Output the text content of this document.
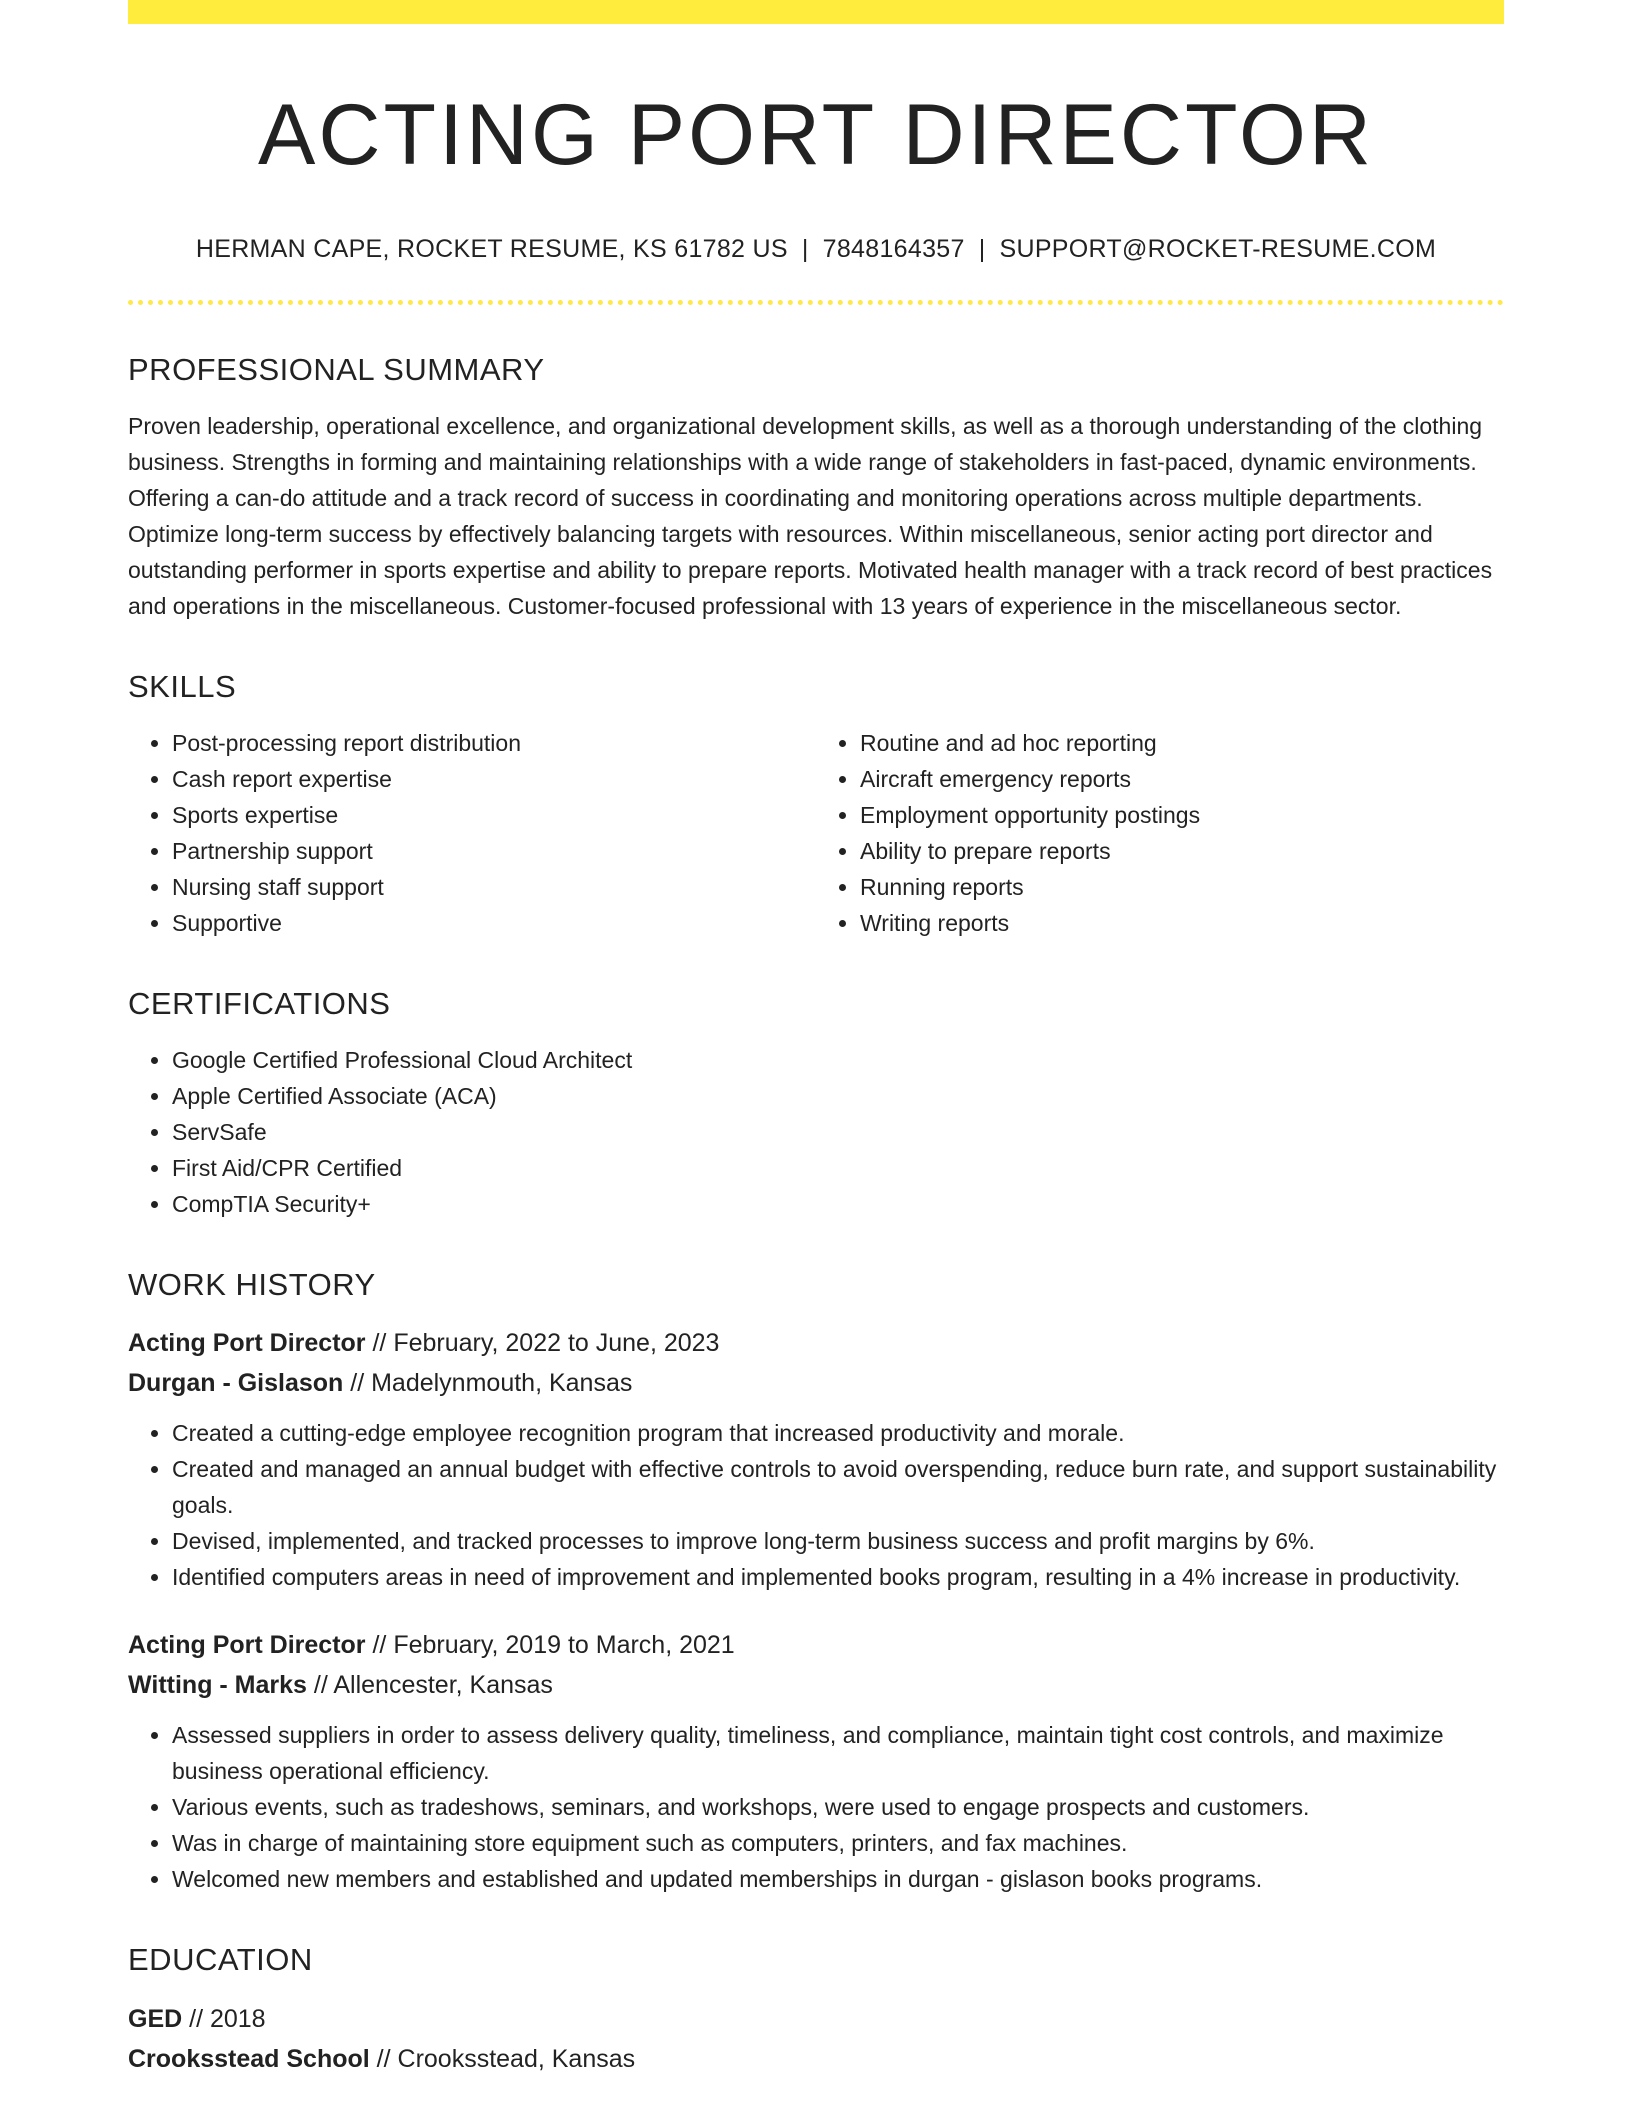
ACTING PORT DIRECTOR
HERMAN CAPE, ROCKET RESUME, KS 61782 US | 7848164357 | SUPPORT@ROCKET-RESUME.COM
PROFESSIONAL SUMMARY

Proven leadership, operational excellence, and organizational development skills, as well as a thorough understanding of the clothing business. Strengths in forming and maintaining relationships with a wide range of stakeholders in fast-paced, dynamic environments. Offering a can-do attitude and a track record of success in coordinating and monitoring operations across multiple departments. Optimize long-term success by effectively balancing targets with resources. Within miscellaneous, senior acting port director and outstanding performer in sports expertise and ability to prepare reports. Motivated health manager with a track record of best practices and operations in the miscellaneous. Customer-focused professional with 13 years of experience in the miscellaneous sector.

SKILLS
• Post-processing report distribution
• Cash report expertise
• Sports expertise
• Partnership support
• Nursing staff support
• Supportive
• Routine and ad hoc reporting
• Aircraft emergency reports
• Employment opportunity postings
• Ability to prepare reports
• Running reports
• Writing reports
CERTIFICATIONS
• Google Certified Professional Cloud Architect
• Apple Certified Associate (ACA)
• ServSafe
• First Aid/CPR Certified
• CompTIA Security+
WORK HISTORY

Acting Port Director // February, 2022 to June, 2023

Durgan - Gislason // Madelynmouth, Kansas

• Created a cutting-edge employee recognition program that increased productivity and morale.
• Created and managed an annual budget with effective controls to avoid overspending, reduce burn rate, and support sustainability goals.
• Devised, implemented, and tracked processes to improve long-term business success and profit margins by 6%.
• Identified computers areas in need of improvement and implemented books program, resulting in a 4% increase in productivity.

Acting Port Director // February, 2019 to March, 2021

Witting - Marks // Allencester, Kansas

• Assessed suppliers in order to assess delivery quality, timeliness, and compliance, maintain tight cost controls, and maximize business operational efficiency.
• Various events, such as tradeshows, seminars, and workshops, were used to engage prospects and customers.
• Was in charge of maintaining store equipment such as computers, printers, and fax machines.
• Welcomed new members and established and updated memberships in durgan - gislason books programs.
EDUCATION

GED // 2018

Crooksstead School // Crooksstead, Kansas
